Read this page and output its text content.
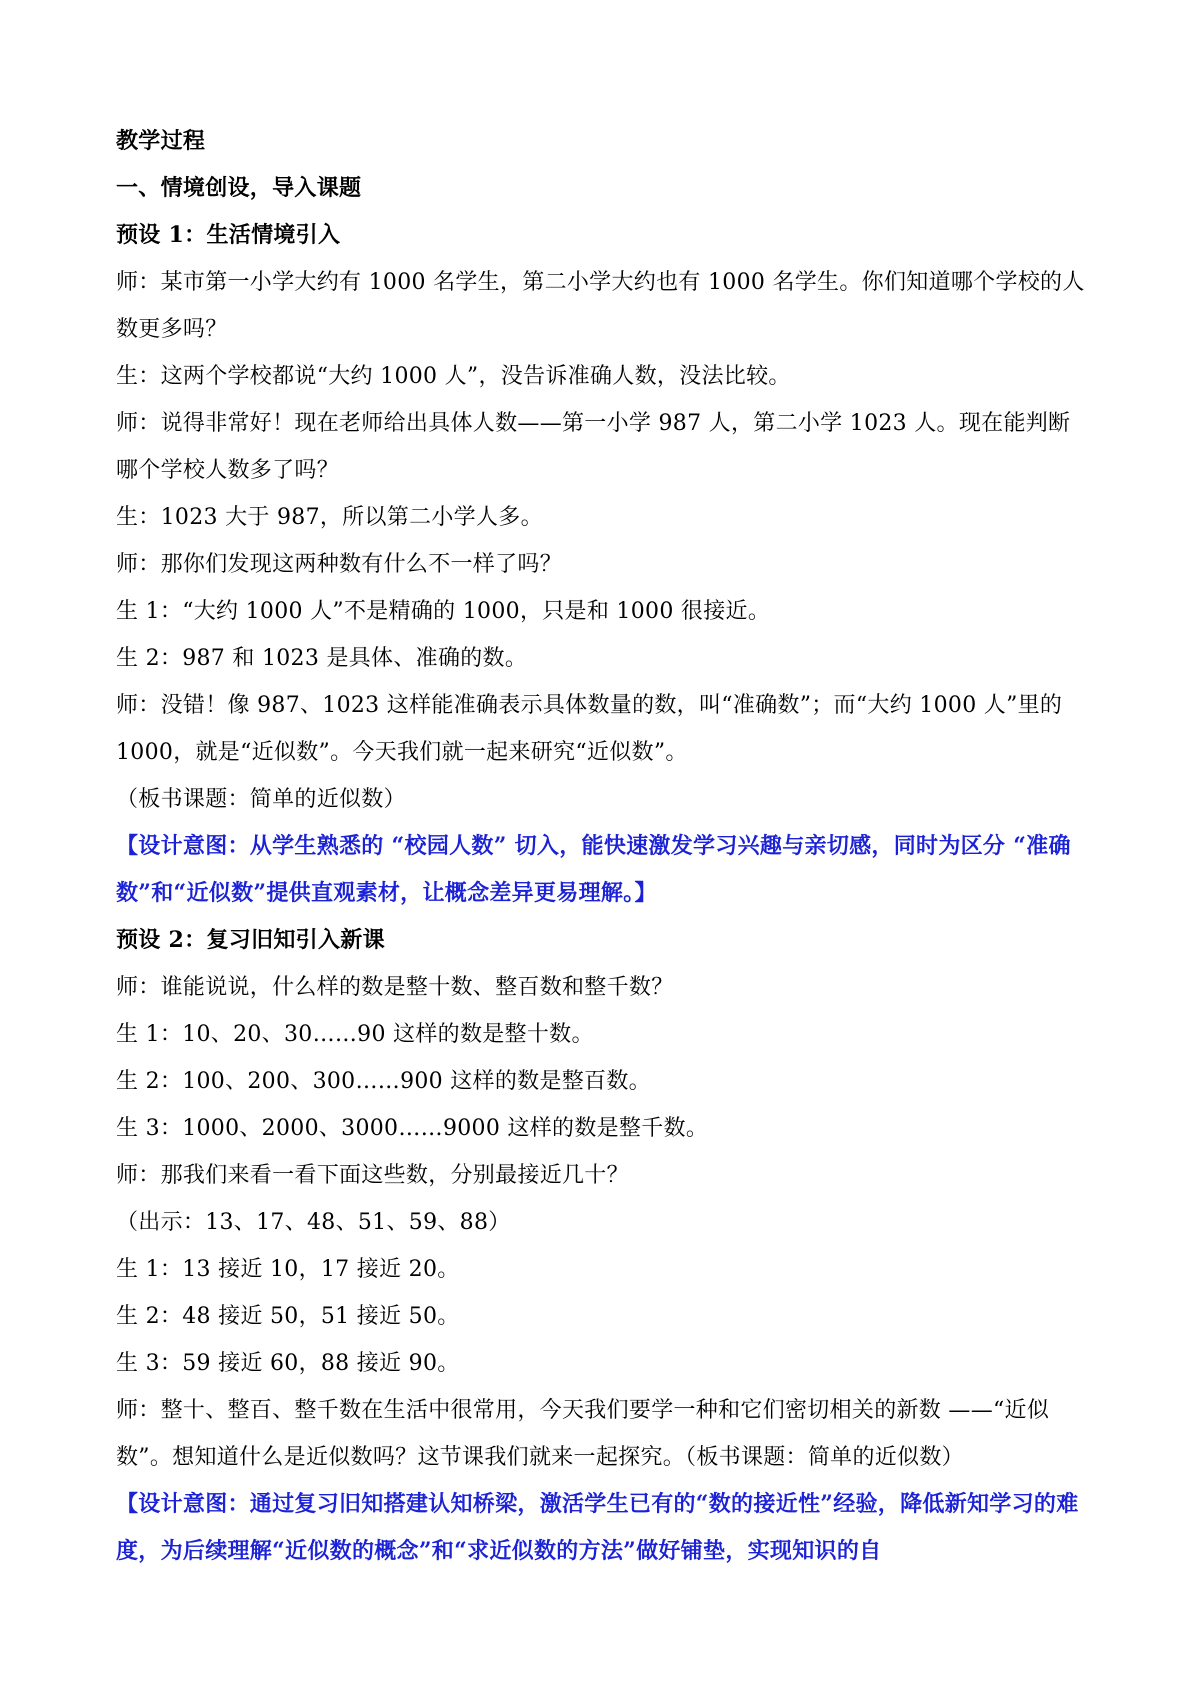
教学过程

一、情境创设，导入课题

预设 1：生活情境引入

师：某市第一小学大约有 1000 名学生，第二小学大约也有 1000 名学生。你们知道哪个学校的人数更多吗？

生：这两个学校都说“大约 1000 人”，没告诉准确人数，没法比较。

师：说得非常好！现在老师给出具体人数——第一小学 987 人，第二小学 1023 人。现在能判断哪个学校人数多了吗？

生：1023 大于 987，所以第二小学人多。

师：那你们发现这两种数有什么不一样了吗？

生 1：“大约 1000 人”不是精确的 1000，只是和 1000 很接近。

生 2：987 和 1023 是具体、准确的数。

师：没错！像 987、1023 这样能准确表示具体数量的数，叫“准确数”；而“大约 1000 人”里的 1000，就是“近似数”。今天我们就一起来研究“近似数”。

（板书课题：简单的近似数）

【设计意图：从学生熟悉的 “校园人数” 切入，能快速激发学习兴趣与亲切感，同时为区分 “准确数”和“近似数”提供直观素材，让概念差异更易理解。】

预设 2：复习旧知引入新课

师：谁能说说，什么样的数是整十数、整百数和整千数？

生 1：10、20、30……90 这样的数是整十数。

生 2：100、200、300……900 这样的数是整百数。

生 3：1000、2000、3000……9000 这样的数是整千数。

师：那我们来看一看下面这些数，分别最接近几十？

（出示：13、17、48、51、59、88）

生 1：13 接近 10，17 接近 20。

生 2：48 接近 50，51 接近 50。

生 3：59 接近 60，88 接近 90。

师：整十、整百、整千数在生活中很常用，今天我们要学一种和它们密切相关的新数 ——“近似数”。想知道什么是近似数吗？这节课我们就来一起探究。（板书课题：简单的近似数）

【设计意图：通过复习旧知搭建认知桥梁，激活学生已有的“数的接近性”经验，降低新知学习的难度，为后续理解“近似数的概念”和“求近似数的方法”做好铺垫，实现知识的自
